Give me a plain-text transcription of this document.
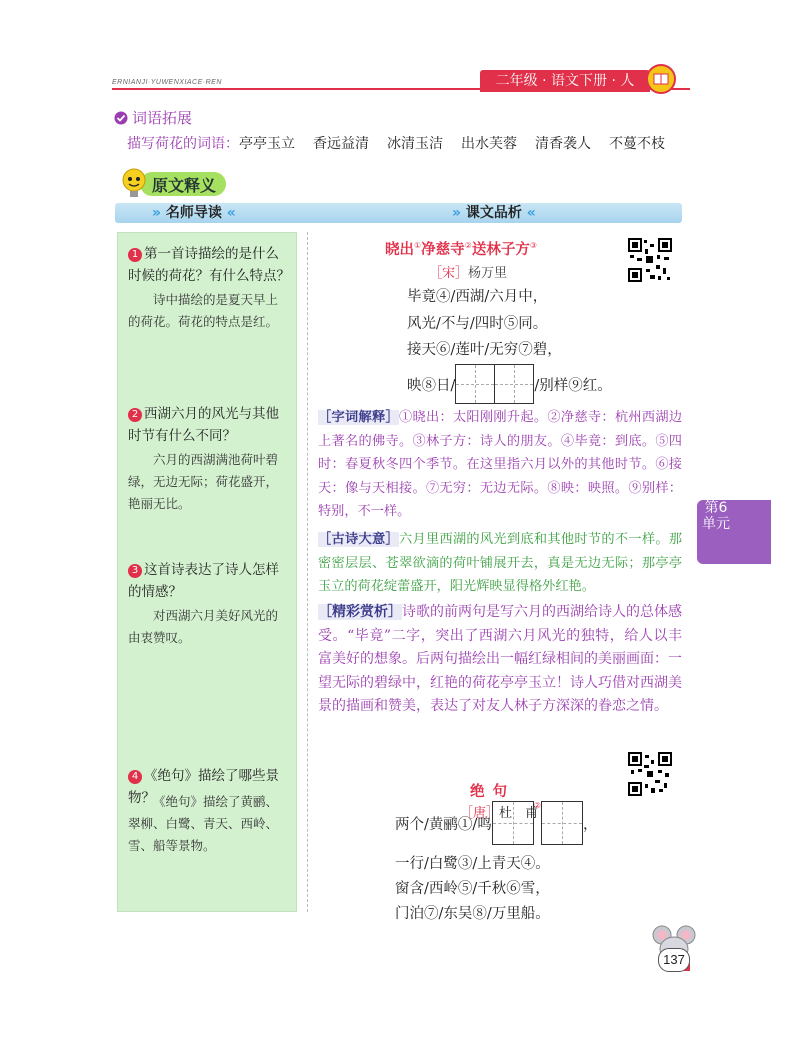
ERNIANJI·YUWENXIACE·REN	二年级 · 语文下册 · 人
词语拓展
描写荷花的词语：亭亭玉立 香远益清 冰清玉洁 出水芙蓉 清香袭人 不蔓不枝
原文释义
» 名师导读 «	» 课文品析 «
1 第一首诗描绘的是什么
时候的荷花？有什么特点？
诗中描绘的是夏天早上的荷花。荷花的特点是红。
2 西湖六月的风光与其他
时节有什么不同？
六月的西湖满池荷叶碧绿，无边无际；荷花盛开，艳丽无比。
3 这首诗表达了诗人怎样
的情感？
对西湖六月美好风光的由衷赞叹。
4 《绝句》描绘了哪些景物？
《绝句》描绘了黄鹂、翠柳、白鹭、青天、西岭、雪、船等景物。
晓出①净慈寺②送林子方③
［宋］杨万里
毕竟④/西湖/六月中，
风光/不与/四时⑤同。
接天⑥/莲叶/无穷⑦碧，
映⑧日/	/别样⑨红。
［字词解释］①晓出：太阳刚刚升起。②净慈寺：杭州西湖边上著名的佛寺。③林子方：诗人的朋友。④毕竟：到底。⑤四时：春夏秋冬四个季节。在这里指六月以外的其他时节。⑥接天：像与天相接。⑦无穷：无边无际。⑧映：映照。⑨别样：特别，不一样。
［古诗大意］六月里西湖的风光到底和其他时节的不一样。那密密层层、苍翠欲滴的荷叶铺展开去，真是无边无际；那亭亭玉立的荷花绽蕾盛开，阳光辉映显得格外红艳。
［精彩赏析］诗歌的前两句是写六月的西湖给诗人的总体感受。“毕竟”二字，突出了西湖六月风光的独特，给人以丰富美好的想象。后两句描绘出一幅红绿相间的美丽画面：一望无际的碧绿中，红艳的荷花亭亭玉立！诗人巧借对西湖美景的描画和赞美，表达了对友人林子方深深的眷恋之情。
绝句
［唐］杜　甫
两个/黄鹂①/鸣
②
，
一行/白鹭③/上青天④。
窗含/西岭⑤/千秋⑥雪，
门泊⑦/东吴⑧/万里船。
第6单元
137
